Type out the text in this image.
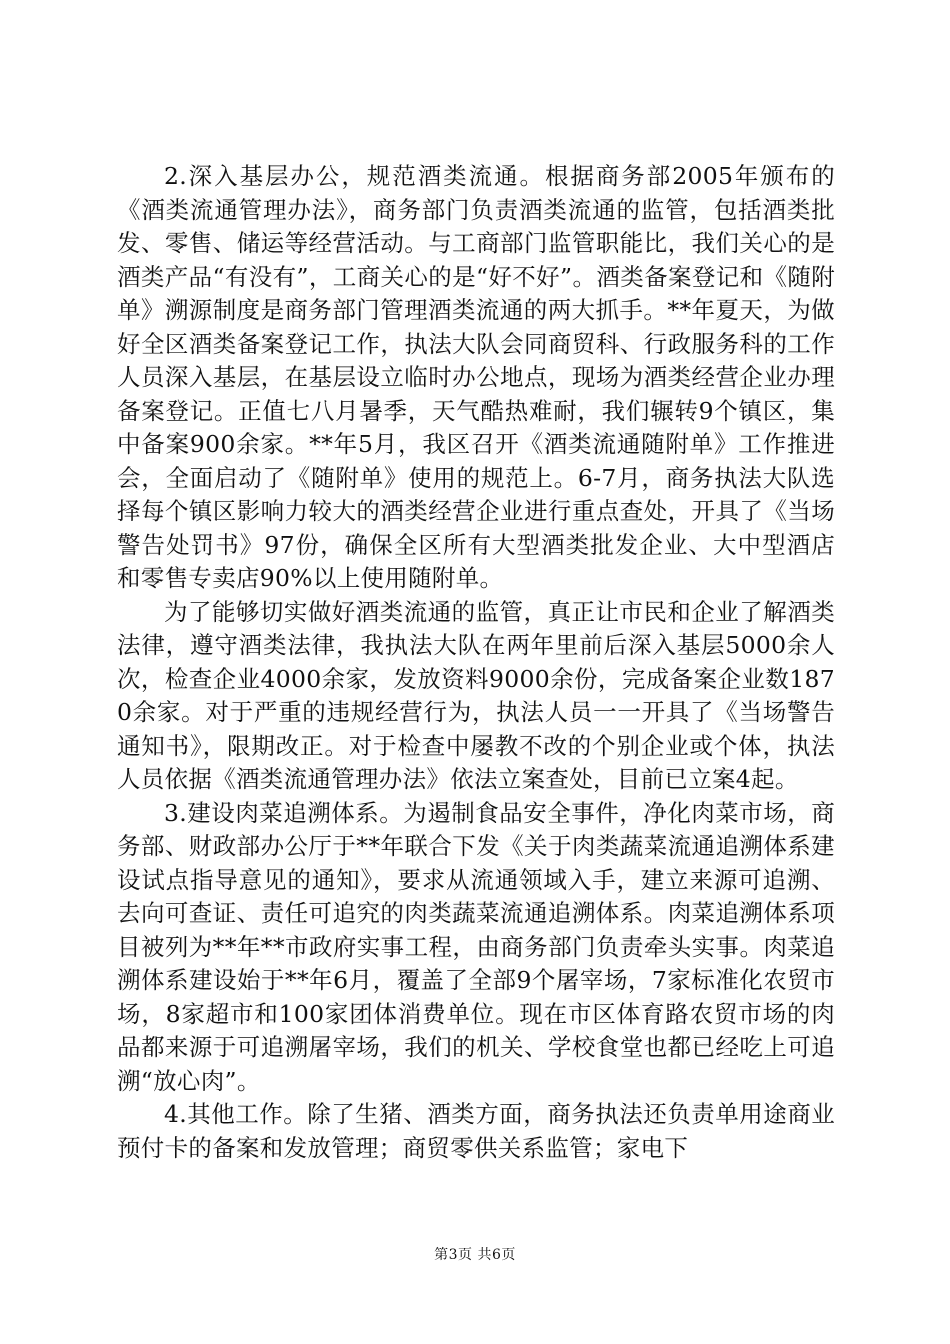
2.深入基层办公，规范酒类流通。根据商务部2005年颁布的《酒类流通管理办法》，商务部门负责酒类流通的监管，包括酒类批发、零售、储运等经营活动。与工商部门监管职能比，我们关心的是酒类产品“有没有”，工商关心的是“好不好”。酒类备案登记和《随附单》溯源制度是商务部门管理酒类流通的两大抓手。**年夏天，为做好全区酒类备案登记工作，执法大队会同商贸科、行政服务科的工作人员深入基层，在基层设立临时办公地点，现场为酒类经营企业办理备案登记。正值七八月暑季，天气酷热难耐，我们辗转9个镇区，集中备案900余家。**年5月，我区召开《酒类流通随附单》工作推进会，全面启动了《随附单》使用的规范上。6-7月，商务执法大队选择每个镇区影响力较大的酒类经营企业进行重点查处，开具了《当场警告处罚书》97份，确保全区所有大型酒类批发企业、大中型酒店和零售专卖店90%以上使用随附单。

为了能够切实做好酒类流通的监管，真正让市民和企业了解酒类法律，遵守酒类法律，我执法大队在两年里前后深入基层5000余人次，检查企业4000余家，发放资料9000余份，完成备案企业数1870余家。对于严重的违规经营行为，执法人员一一开具了《当场警告通知书》，限期改正。对于检查中屡教不改的个别企业或个体，执法人员依据《酒类流通管理办法》依法立案查处，目前已立案4起。

3.建设肉菜追溯体系。为遏制食品安全事件，净化肉菜市场，商务部、财政部办公厅于**年联合下发《关于肉类蔬菜流通追溯体系建设试点指导意见的通知》，要求从流通领域入手，建立来源可追溯、去向可查证、责任可追究的肉类蔬菜流通追溯体系。肉菜追溯体系项目被列为**年**市政府实事工程，由商务部门负责牵头实事。肉菜追溯体系建设始于**年6月，覆盖了全部9个屠宰场，7家标准化农贸市场，8家超市和100家团体消费单位。现在市区体育路农贸市场的肉品都来源于可追溯屠宰场，我们的机关、学校食堂也都已经吃上可追溯“放心肉”。

4.其他工作。除了生猪、酒类方面，商务执法还负责单用途商业预付卡的备案和发放管理；商贸零供关系监管；家电下

第3页 共6页
